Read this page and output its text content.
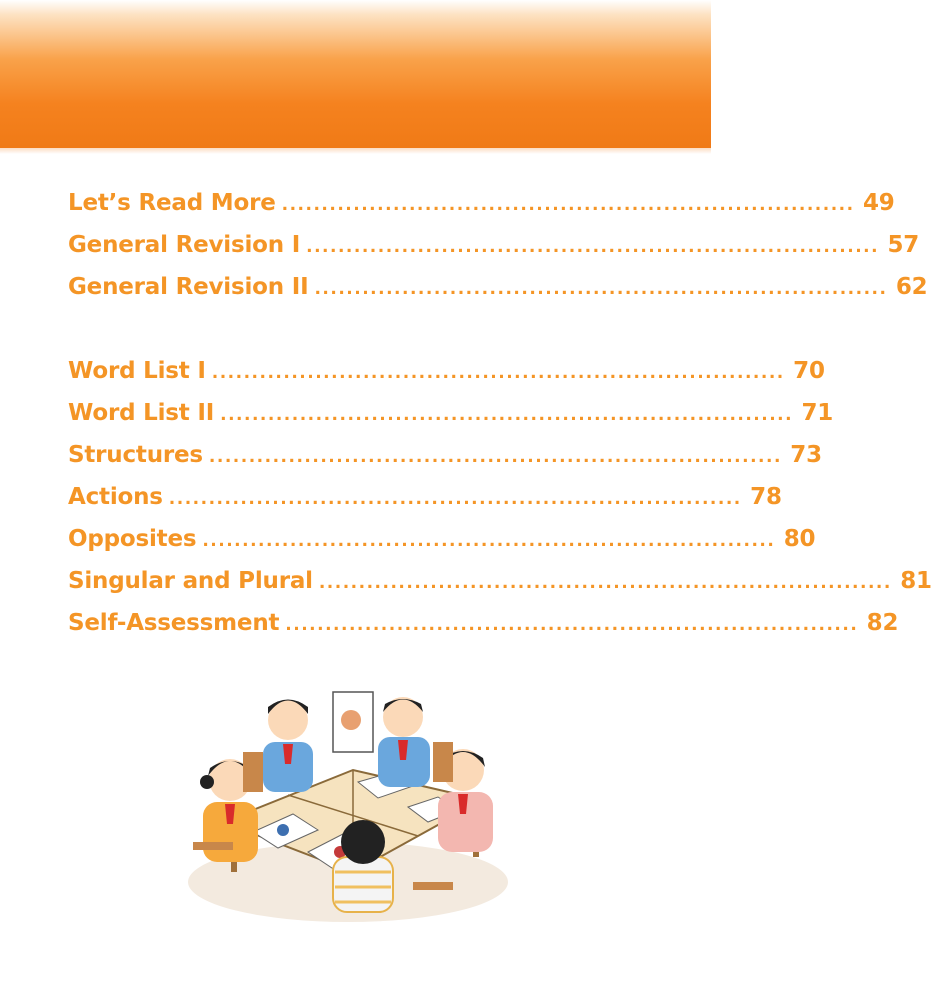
Let’s Read More ........................................................................ 49
General Revision I ........................................................................ 57
General Revision II ........................................................................ 62
Word List I ........................................................................ 70
Word List II ........................................................................ 71
Structures ........................................................................ 73
Actions ........................................................................ 78
Opposites ........................................................................ 80
Singular and Plural ........................................................................ 81
Self-Assessment ........................................................................ 82
